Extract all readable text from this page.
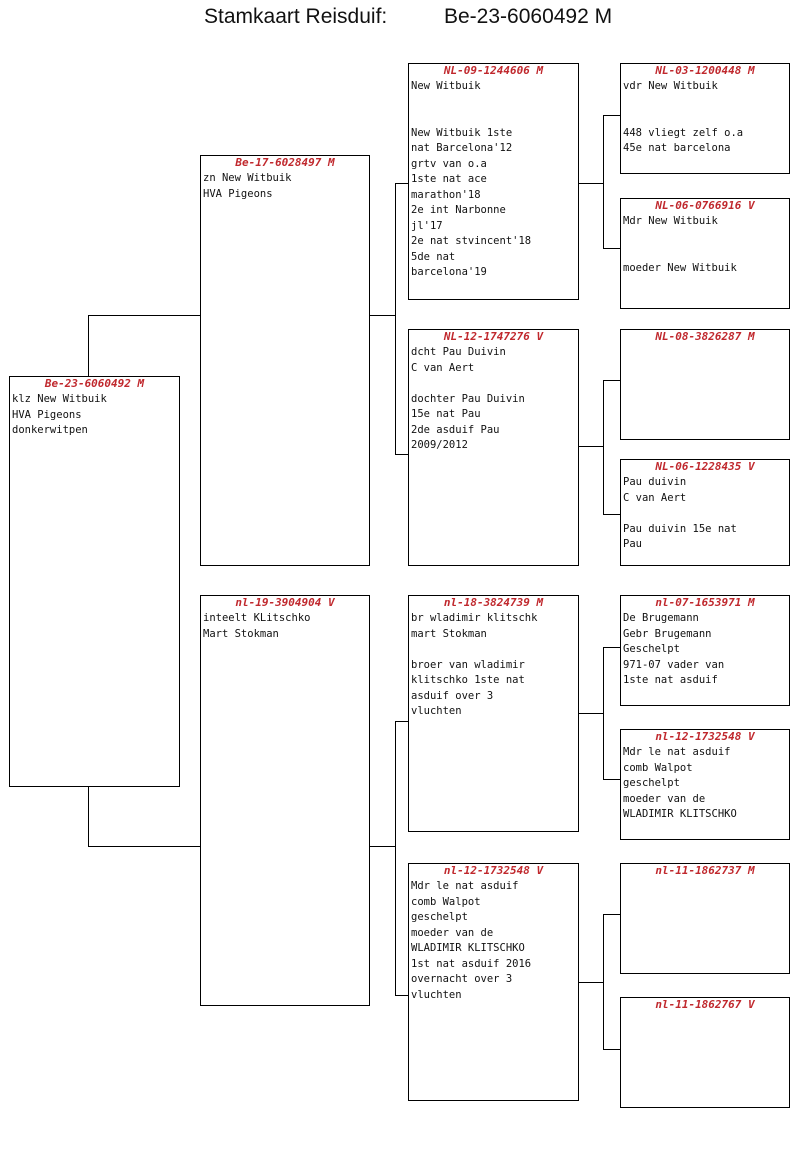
Stamkaart Reisduif:	Be-23-6060492 M
Be-23-6060492 M
klz New Witbuik
HVA Pigeons
donkerwitpen
Be-17-6028497 M
zn New Witbuik
HVA Pigeons
nl-19-3904904 V
inteelt KLitschko
Mart Stokman
NL-09-1244606 M
New Witbuik
New Witbuik 1ste
nat Barcelona'12
grtv van o.a
1ste nat ace
marathon'18
2e int Narbonne
jl'17
2e nat stvincent'18
5de nat
barcelona'19
NL-12-1747276 V
dcht Pau Duivin
C van Aert
dochter Pau Duivin
15e nat Pau
2de asduif Pau
2009/2012
nl-18-3824739 M
br wladimir klitschk
mart Stokman
broer van wladimir
klitschko 1ste nat
asduif over 3
vluchten
nl-12-1732548 V
Mdr le nat asduif
comb Walpot
geschelpt
moeder van de
WLADIMIR KLITSCHKO
1st nat asduif 2016
overnacht over 3
vluchten
NL-03-1200448 M
vdr New Witbuik
448 vliegt zelf o.a
45e nat barcelona
NL-06-0766916 V
Mdr New Witbuik
moeder New Witbuik
NL-08-3826287 M
NL-06-1228435 V
Pau duivin
C van Aert
Pau duivin 15e nat
Pau
nl-07-1653971 M
De Brugemann
Gebr Brugemann
Geschelpt
971-07 vader van
1ste nat asduif
nl-12-1732548 V
Mdr le nat asduif
comb Walpot
geschelpt
moeder van de
WLADIMIR KLITSCHKO
nl-11-1862737 M
nl-11-1862767 V
